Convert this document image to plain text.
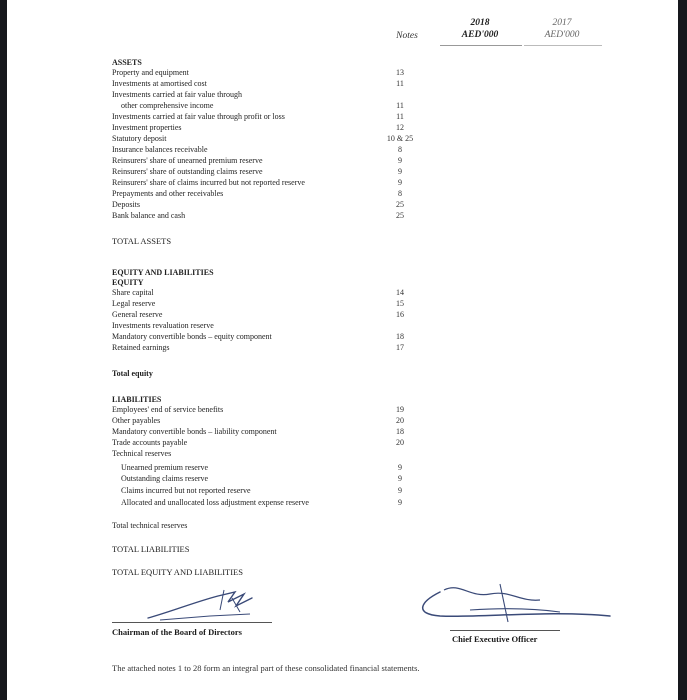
Notes
2018
AED'000
2017
AED'000
ASSETS
Property and equipment	13
Investments at amortised cost	11
Investments carried at fair value through
other comprehensive income	11
Investments carried at fair value through profit or loss	11
Investment properties	12
Statutory deposit	10 & 25
Insurance balances receivable	8
Reinsurers' share of unearned premium reserve	9
Reinsurers' share of outstanding claims reserve	9
Reinsurers' share of claims incurred but not reported reserve	9
Prepayments and other receivables	8
Deposits	25
Bank balance and cash	25
TOTAL ASSETS
EQUITY AND LIABILITIES
EQUITY
Share capital	14
Legal reserve	15
General reserve	16
Investments revaluation reserve
Mandatory convertible bonds – equity component	18
Retained earnings	17
Total equity
LIABILITIES
Employees' end of service benefits	19
Other payables	20
Mandatory convertible bonds – liability component	18
Trade accounts payable	20
Technical reserves
Unearned premium reserve	9
Outstanding claims reserve	9
Claims incurred but not reported reserve	9
Allocated and unallocated loss adjustment expense reserve	9
Total technical reserves
TOTAL LIABILITIES
TOTAL EQUITY AND LIABILITIES
Chairman of the Board of Directors
Chief Executive Officer
The attached notes 1 to 28 form an integral part of these consolidated financial statements.
